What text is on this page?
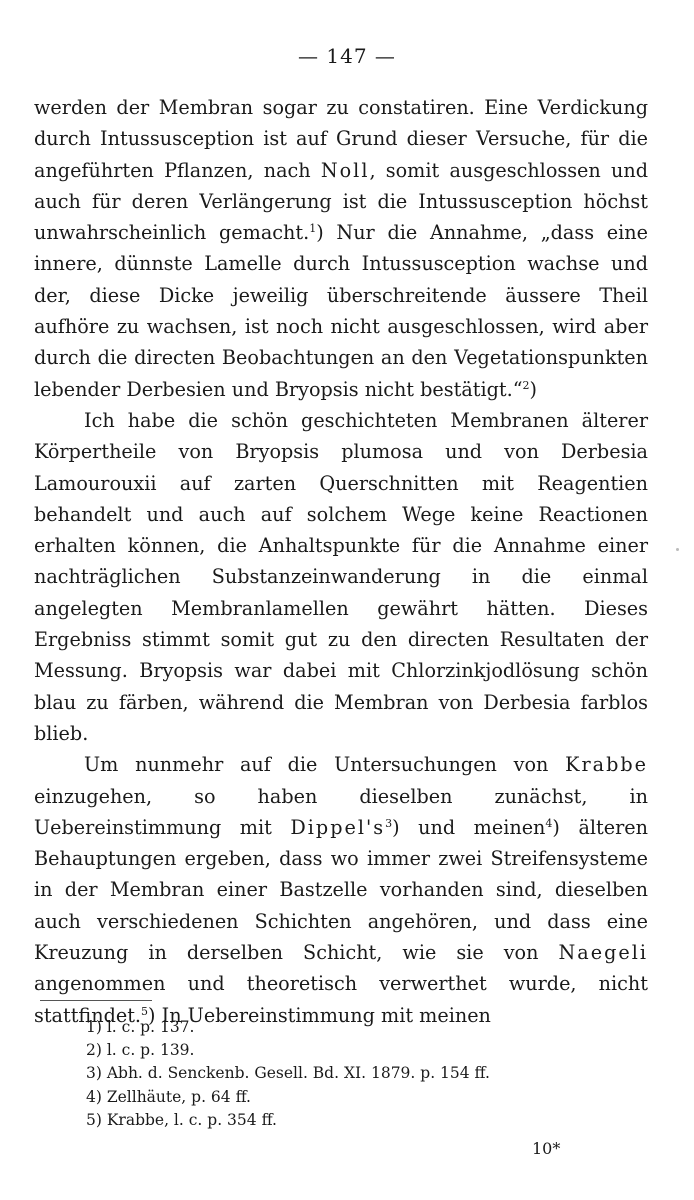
— 147 —

werden der Membran sogar zu constatiren. Eine Verdickung durch Intussusception ist auf Grund dieser Versuche, für die angeführten Pflanzen, nach Noll, somit ausgeschlossen und auch für deren Verlängerung ist die Intussusception höchst unwahrscheinlich gemacht.$^1$) Nur die Annahme, „dass eine innere, dünnste Lamelle durch Intussusception wachse und der, diese Dicke jeweilig überschreitende äussere Theil aufhöre zu wachsen, ist noch nicht ausgeschlossen, wird aber durch die directen Beobachtungen an den Vegetationspunkten lebender Derbesien und Bryopsis nicht bestätigt.“$^2$)

Ich habe die schön geschichteten Membranen älterer Körpertheile von Bryopsis plumosa und von Derbesia Lamourouxii auf zarten Querschnitten mit Reagentien behandelt und auch auf solchem Wege keine Reactionen erhalten können, die Anhaltspunkte für die Annahme einer nachträglichen Substanzeinwanderung in die einmal angelegten Membranlamellen gewährt hätten. Dieses Ergebniss stimmt somit gut zu den directen Resultaten der Messung. Bryopsis war dabei mit Chlorzinkjodlösung schön blau zu färben, während die Membran von Derbesia farblos blieb.

Um nunmehr auf die Untersuchungen von Krabbe einzugehen, so haben dieselben zunächst, in Uebereinstimmung mit $Dippel's^3$) und meinen$^4$) älteren Behauptungen ergeben, dass wo immer zwei Streifensysteme in der Membran einer Bastzelle vorhanden sind, dieselben auch verschiedenen Schichten angehören, und dass eine Kreuzung in derselben Schicht, wie sie von Naegeli angenommen und theoretisch verwerthet wurde, nicht stattfindet.$^5$) In Uebereinstimmung mit meinen

1) l. c. p. 137.
2) l. c. p. 139.
3) Abh. d. Senckenb. Gesell. Bd. XI. 1879. p. 154 ff.
4) Zellhäute, p. 64 ff.
5) Krabbe, l. c. p. 354 ff.
10*
